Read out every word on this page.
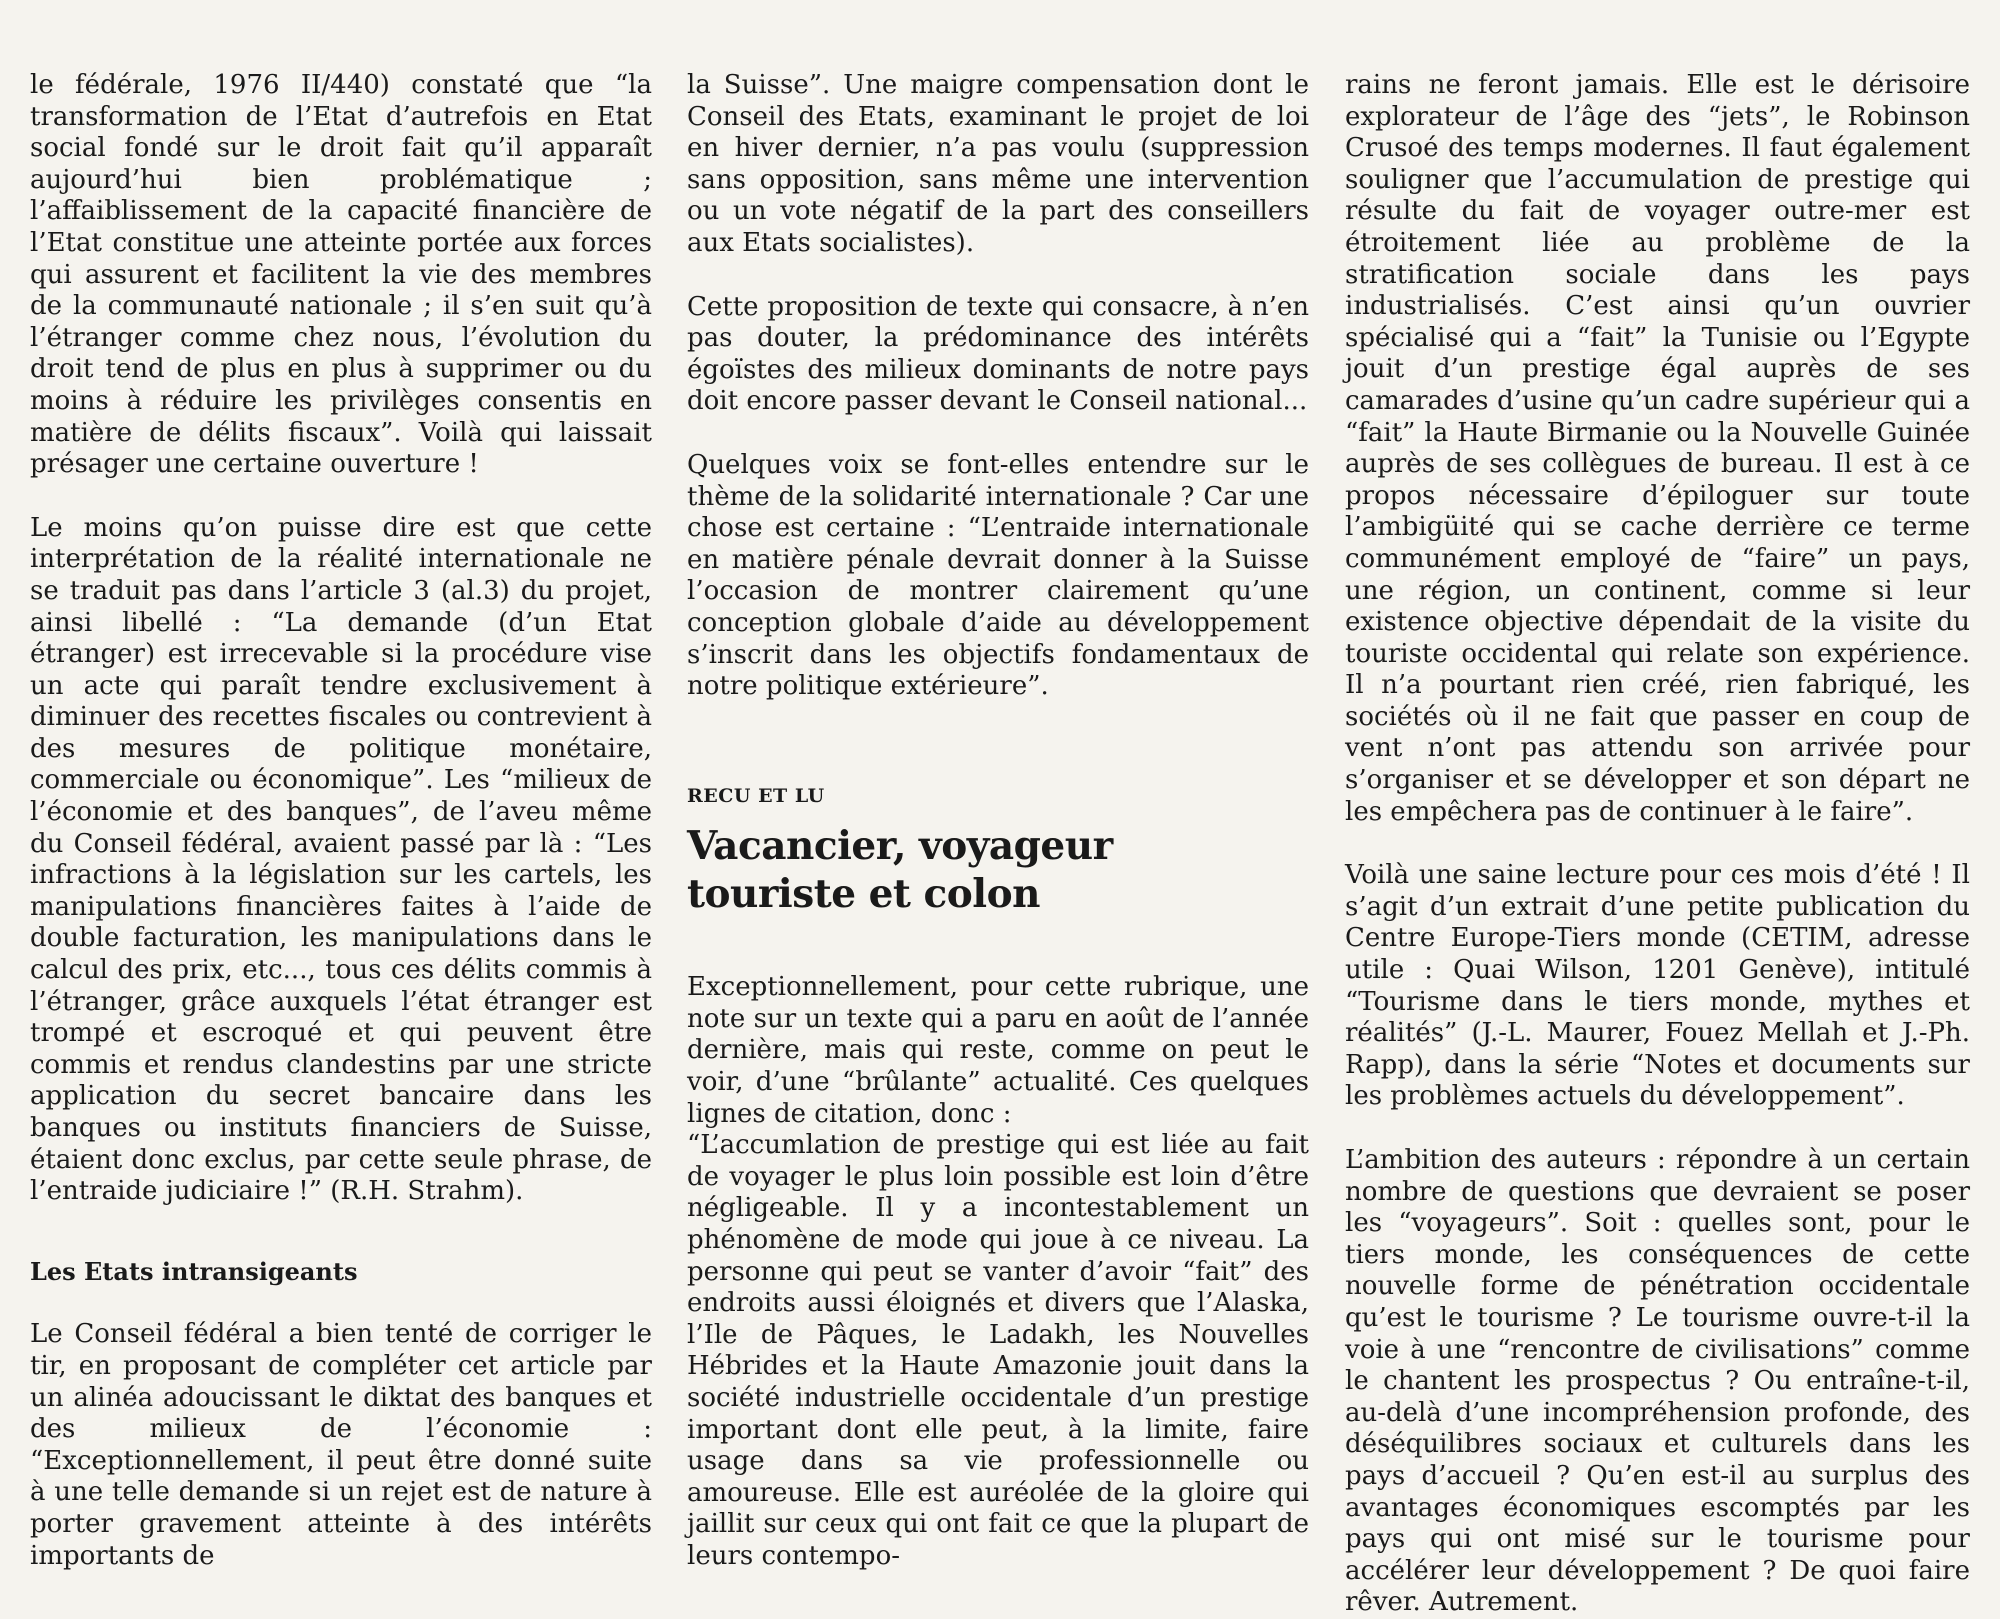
le fédérale, 1976 II/440) constaté que “la transformation de l’Etat d’autrefois en Etat social fondé sur le droit fait qu’il apparaît aujourd’hui bien problématique ; l’affaiblissement de la capacité financière de l’Etat constitue une atteinte portée aux forces qui assurent et facilitent la vie des membres de la communauté nationale ; il s’en suit qu’à l’étranger comme chez nous, l’évolution du droit tend de plus en plus à supprimer ou du moins à réduire les privilèges consentis en matière de délits fiscaux”. Voilà qui laissait présager une certaine ouverture !

Le moins qu’on puisse dire est que cette interprétation de la réalité internationale ne se traduit pas dans l’article 3 (al.3) du projet, ainsi libellé : “La demande (d’un Etat étranger) est irrecevable si la procédure vise un acte qui paraît tendre exclusivement à diminuer des recettes fiscales ou contrevient à des mesures de politique monétaire, commerciale ou économique”. Les “milieux de l’économie et des banques”, de l’aveu même du Conseil fédéral, avaient passé par là : “Les infractions à la législation sur les cartels, les manipulations financières faites à l’aide de double facturation, les manipulations dans le calcul des prix, etc..., tous ces délits commis à l’étranger, grâce auxquels l’état étranger est trompé et escroqué et qui peuvent être commis et rendus clandestins par une stricte application du secret bancaire dans les banques ou instituts financiers de Suisse, étaient donc exclus, par cette seule phrase, de l’entraide judiciaire !” (R.H. Strahm).

Les Etats intransigeants

Le Conseil fédéral a bien tenté de corriger le tir, en proposant de compléter cet article par un alinéa adoucissant le diktat des banques et des milieux de l’économie : “Exceptionnellement, il peut être donné suite à une telle demande si un rejet est de nature à porter gravement atteinte à des intérêts importants de

la Suisse”. Une maigre compensation dont le Conseil des Etats, examinant le projet de loi en hiver dernier, n’a pas voulu (suppression sans opposition, sans même une intervention ou un vote négatif de la part des conseillers aux Etats socialistes).

Cette proposition de texte qui consacre, à n’en pas douter, la prédominance des intérêts égoïstes des milieux dominants de notre pays doit encore passer devant le Conseil national...

Quelques voix se font-elles entendre sur le thème de la solidarité internationale ? Car une chose est certaine : “L’entraide internationale en matière pénale devrait donner à la Suisse l’occasion de montrer clairement qu’une conception globale d’aide au développement s’inscrit dans les objectifs fondamentaux de notre politique extérieure”.

RECU ET LU
Vacancier, voyageur
touriste et colon

Exceptionnellement, pour cette rubrique, une note sur un texte qui a paru en août de l’année dernière, mais qui reste, comme on peut le voir, d’une “brûlante” actualité. Ces quelques lignes de citation, donc :

“L’accumlation de prestige qui est liée au fait de voyager le plus loin possible est loin d’être négligeable. Il y a incontestablement un phénomène de mode qui joue à ce niveau. La personne qui peut se vanter d’avoir “fait” des endroits aussi éloignés et divers que l’Alaska, l’Ile de Pâques, le Ladakh, les Nouvelles Hébrides et la Haute Amazonie jouit dans la société industrielle occidentale d’un prestige important dont elle peut, à la limite, faire usage dans sa vie professionnelle ou amoureuse. Elle est auréolée de la gloire qui jaillit sur ceux qui ont fait ce que la plupart de leurs contempo-

rains ne feront jamais. Elle est le dérisoire explorateur de l’âge des “jets”, le Robinson Crusoé des temps modernes. Il faut également souligner que l’accumulation de prestige qui résulte du fait de voyager outre-mer est étroitement liée au problème de la stratification sociale dans les pays industrialisés. C’est ainsi qu’un ouvrier spécialisé qui a “fait” la Tunisie ou l’Egypte jouit d’un prestige égal auprès de ses camarades d’usine qu’un cadre supérieur qui a “fait” la Haute Birmanie ou la Nouvelle Guinée auprès de ses collègues de bureau. Il est à ce propos nécessaire d’épiloguer sur toute l’ambigüité qui se cache derrière ce terme communément employé de “faire” un pays, une région, un continent, comme si leur existence objective dépendait de la visite du touriste occidental qui relate son expérience. Il n’a pourtant rien créé, rien fabriqué, les sociétés où il ne fait que passer en coup de vent n’ont pas attendu son arrivée pour s’organiser et se développer et son départ ne les empêchera pas de continuer à le faire”.

Voilà une saine lecture pour ces mois d’été ! Il s’agit d’un extrait d’une petite publication du Centre Europe-Tiers monde (CETIM, adresse utile : Quai Wilson, 1201 Genève), intitulé “Tourisme dans le tiers monde, mythes et réalités” (J.-L. Maurer, Fouez Mellah et J.-Ph. Rapp), dans la série “Notes et documents sur les problèmes actuels du développement”.

L’ambition des auteurs : répondre à un certain nombre de questions que devraient se poser les “voyageurs”. Soit : quelles sont, pour le tiers monde, les conséquences de cette nouvelle forme de pénétration occidentale qu’est le tourisme ? Le tourisme ouvre-t-il la voie à une “rencontre de civilisations” comme le chantent les prospectus ? Ou entraîne-t-il, au-delà d’une incompréhension profonde, des déséquilibres sociaux et culturels dans les pays d’accueil ? Qu’en est-il au surplus des avantages économiques escomptés par les pays qui ont misé sur le tourisme pour accélérer leur développement ? De quoi faire rêver. Autrement.
